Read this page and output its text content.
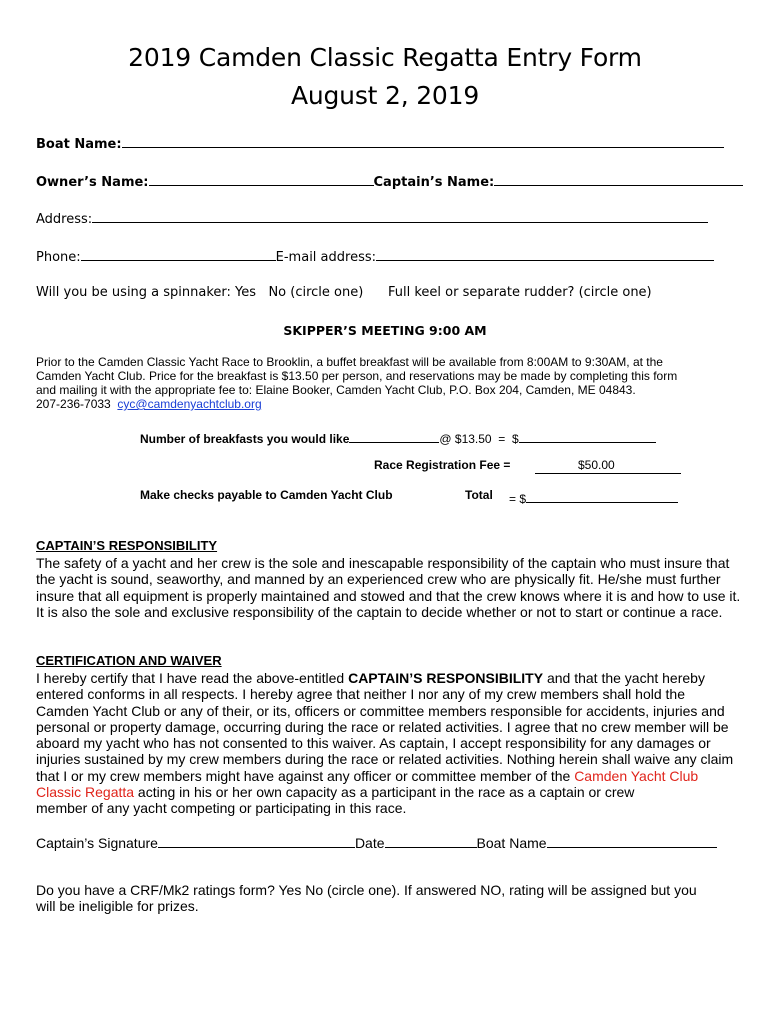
2019 Camden Classic Regatta Entry Form
August 2, 2019
Boat Name:
Owner’s Name:	Captain’s Name:
Address:
Phone:	E-mail address:
Will you be using a spinnaker: Yes   No (circle one) Full keel or separate rudder? (circle one)
SKIPPER’S MEETING 9:00 AM
Prior to the Camden Classic Yacht Race to Brooklin, a buffet breakfast will be available from 8:00AM to 9:30AM, at the
Camden Yacht Club. Price for the breakfast is $13.50 per person, and reservations may be made by completing this form
and mailing it with the appropriate fee to: Elaine Booker, Camden Yacht Club, P.O. Box 204, Camden, ME 04843.
207-236-7033 cyc@camdenyachtclub.org
Number of breakfasts you would like	@ $13.50  =  $
Race Registration Fee =	$50.00
Make checks payable to Camden Yacht Club	Total = $
CAPTAIN’S RESPONSIBILITY
The safety of a yacht and her crew is the sole and inescapable responsibility of the captain who must insure that
the yacht is sound, seaworthy, and manned by an experienced crew who are physically fit. He/she must further
insure that all equipment is properly maintained and stowed and that the crew knows where it is and how to use it.
It is also the sole and exclusive responsibility of the captain to decide whether or not to start or continue a race.
CERTIFICATION AND WAIVER
I hereby certify that I have read the above-entitled CAPTAIN’S RESPONSIBILITY and that the yacht hereby
entered conforms in all respects. I hereby agree that neither I nor any of my crew members shall hold the
Camden Yacht Club or any of their, or its, officers or committee members responsible for accidents, injuries and
personal or property damage, occurring during the race or related activities. I agree that no crew member will be
aboard my yacht who has not consented to this waiver. As captain, I accept responsibility for any damages or
injuries sustained by my crew members during the race or related activities. Nothing herein shall waive any claim
that I or my crew members might have against any officer or committee member of the Camden Yacht Club
Classic Regatta acting in his or her own capacity as a participant in the race as a captain or crew
member of any yacht competing or participating in this race.
Captain’s Signature	Date	Boat Name
Do you have a CRF/Mk2 ratings form? Yes No (circle one). If answered NO, rating will be assigned but you
will be ineligible for prizes.
